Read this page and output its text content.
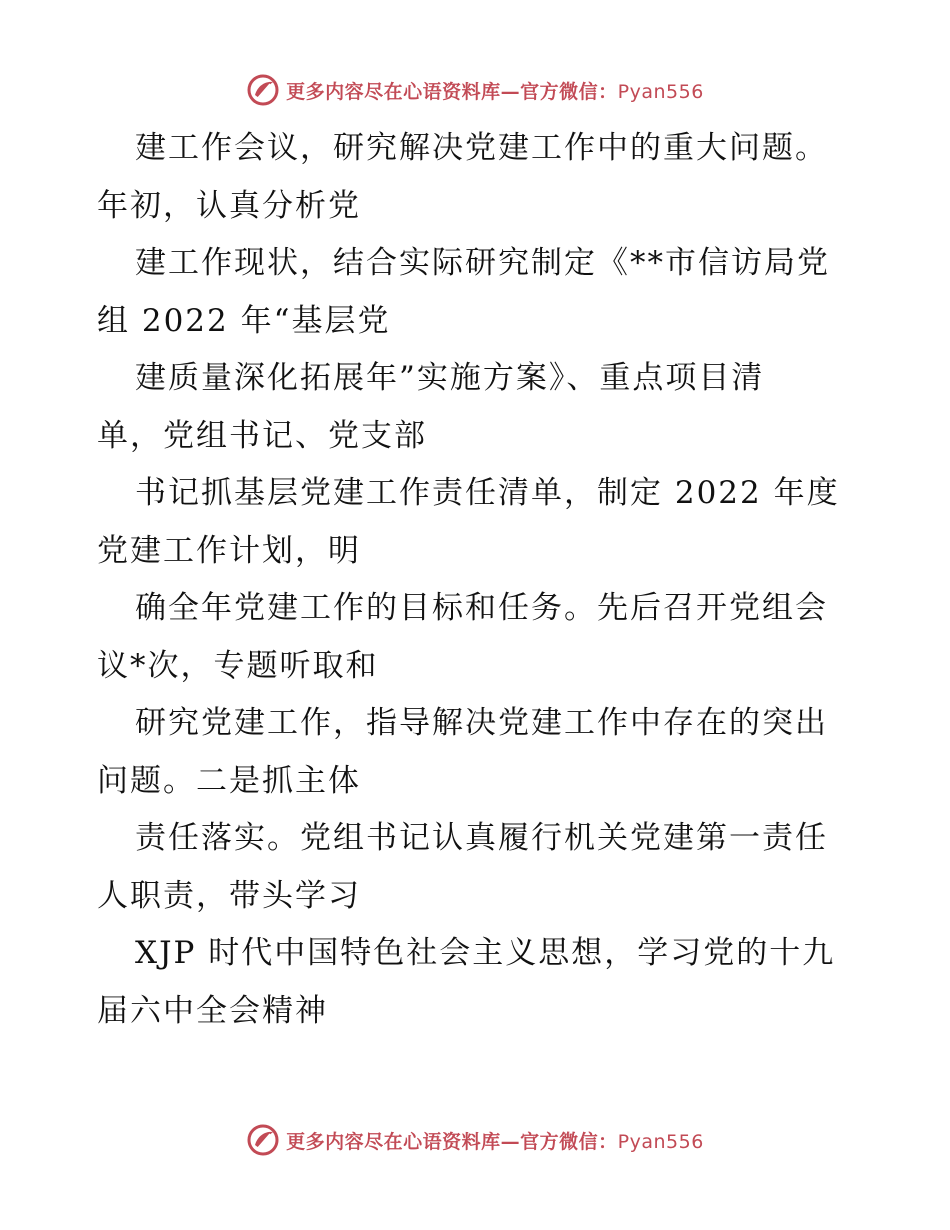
更多内容尽在心语资料库—官方微信：Pyan556
建工作会议，研究解决党建工作中的重大问题。
年初，认真分析党
建工作现状，结合实际研究制定《**市信访局党
组 2022 年“基层党
建质量深化拓展年”实施方案》、重点项目清
单，党组书记、党支部
书记抓基层党建工作责任清单，制定 2022 年度
党建工作计划，明
确全年党建工作的目标和任务。先后召开党组会
议*次，专题听取和
研究党建工作，指导解决党建工作中存在的突出
问题。二是抓主体
责任落实。党组书记认真履行机关党建第一责任
人职责，带头学习
XJP 时代中国特色社会主义思想，学习党的十九
届六中全会精神
更多内容尽在心语资料库—官方微信：Pyan556
